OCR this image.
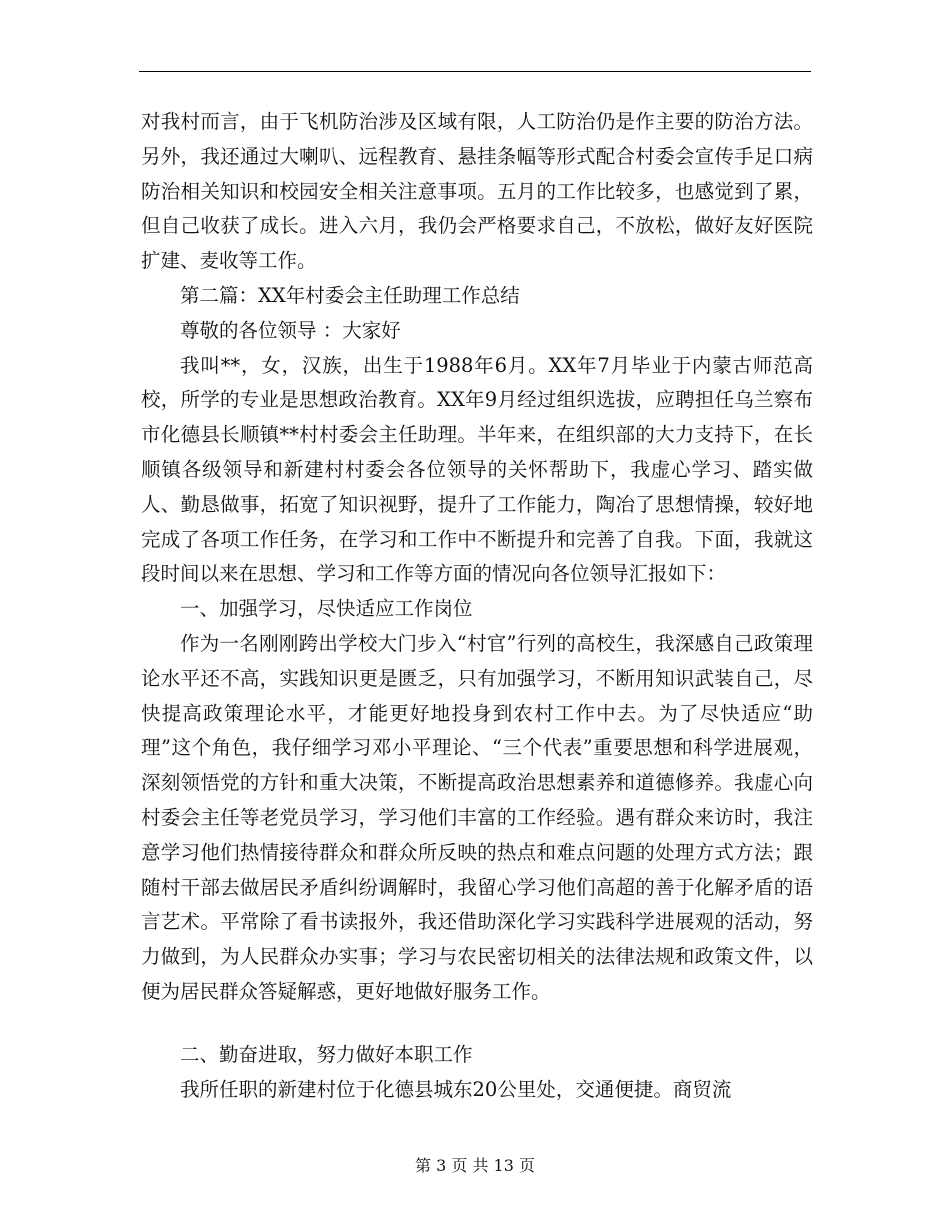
对我村而言，由于飞机防治涉及区域有限，人工防治仍是作主要的防治方法。另外，我还通过大喇叭、远程教育、悬挂条幅等形式配合村委会宣传手足口病防治相关知识和校园安全相关注意事项。五月的工作比较多，也感觉到了累，但自己收获了成长。进入六月，我仍会严格要求自己，不放松，做好友好医院扩建、麦收等工作。

第二篇：XX年村委会主任助理工作总结

尊敬的各位领导 ：大家好

我叫**，女，汉族，出生于1988年6月。XX年7月毕业于内蒙古师范高校，所学的专业是思想政治教育。XX年9月经过组织选拔，应聘担任乌兰察布市化德县长顺镇**村村委会主任助理。半年来，在组织部的大力支持下，在长顺镇各级领导和新建村村委会各位领导的关怀帮助下，我虚心学习、踏实做人、勤恳做事，拓宽了知识视野，提升了工作能力，陶冶了思想情操，较好地完成了各项工作任务，在学习和工作中不断提升和完善了自我。下面，我就这段时间以来在思想、学习和工作等方面的情况向各位领导汇报如下：

一、加强学习，尽快适应工作岗位

作为一名刚刚跨出学校大门步入“村官”行列的高校生，我深感自己政策理论水平还不高，实践知识更是匮乏，只有加强学习，不断用知识武装自己，尽快提高政策理论水平，才能更好地投身到农村工作中去。为了尽快适应“助理”这个角色，我仔细学习邓小平理论、“三个代表”重要思想和科学进展观，深刻领悟党的方针和重大决策，不断提高政治思想素养和道德修养。我虚心向村委会主任等老党员学习，学习他们丰富的工作经验。遇有群众来访时，我注意学习他们热情接待群众和群众所反映的热点和难点问题的处理方式方法；跟随村干部去做居民矛盾纠纷调解时，我留心学习他们高超的善于化解矛盾的语言艺术。平常除了看书读报外，我还借助深化学习实践科学进展观的活动，努力做到，为人民群众办实事；学习与农民密切相关的法律法规和政策文件，以便为居民群众答疑解惑，更好地做好服务工作。

二、勤奋进取，努力做好本职工作

我所任职的新建村位于化德县城东20公里处，交通便捷。商贸流

第 3 页 共 13 页
